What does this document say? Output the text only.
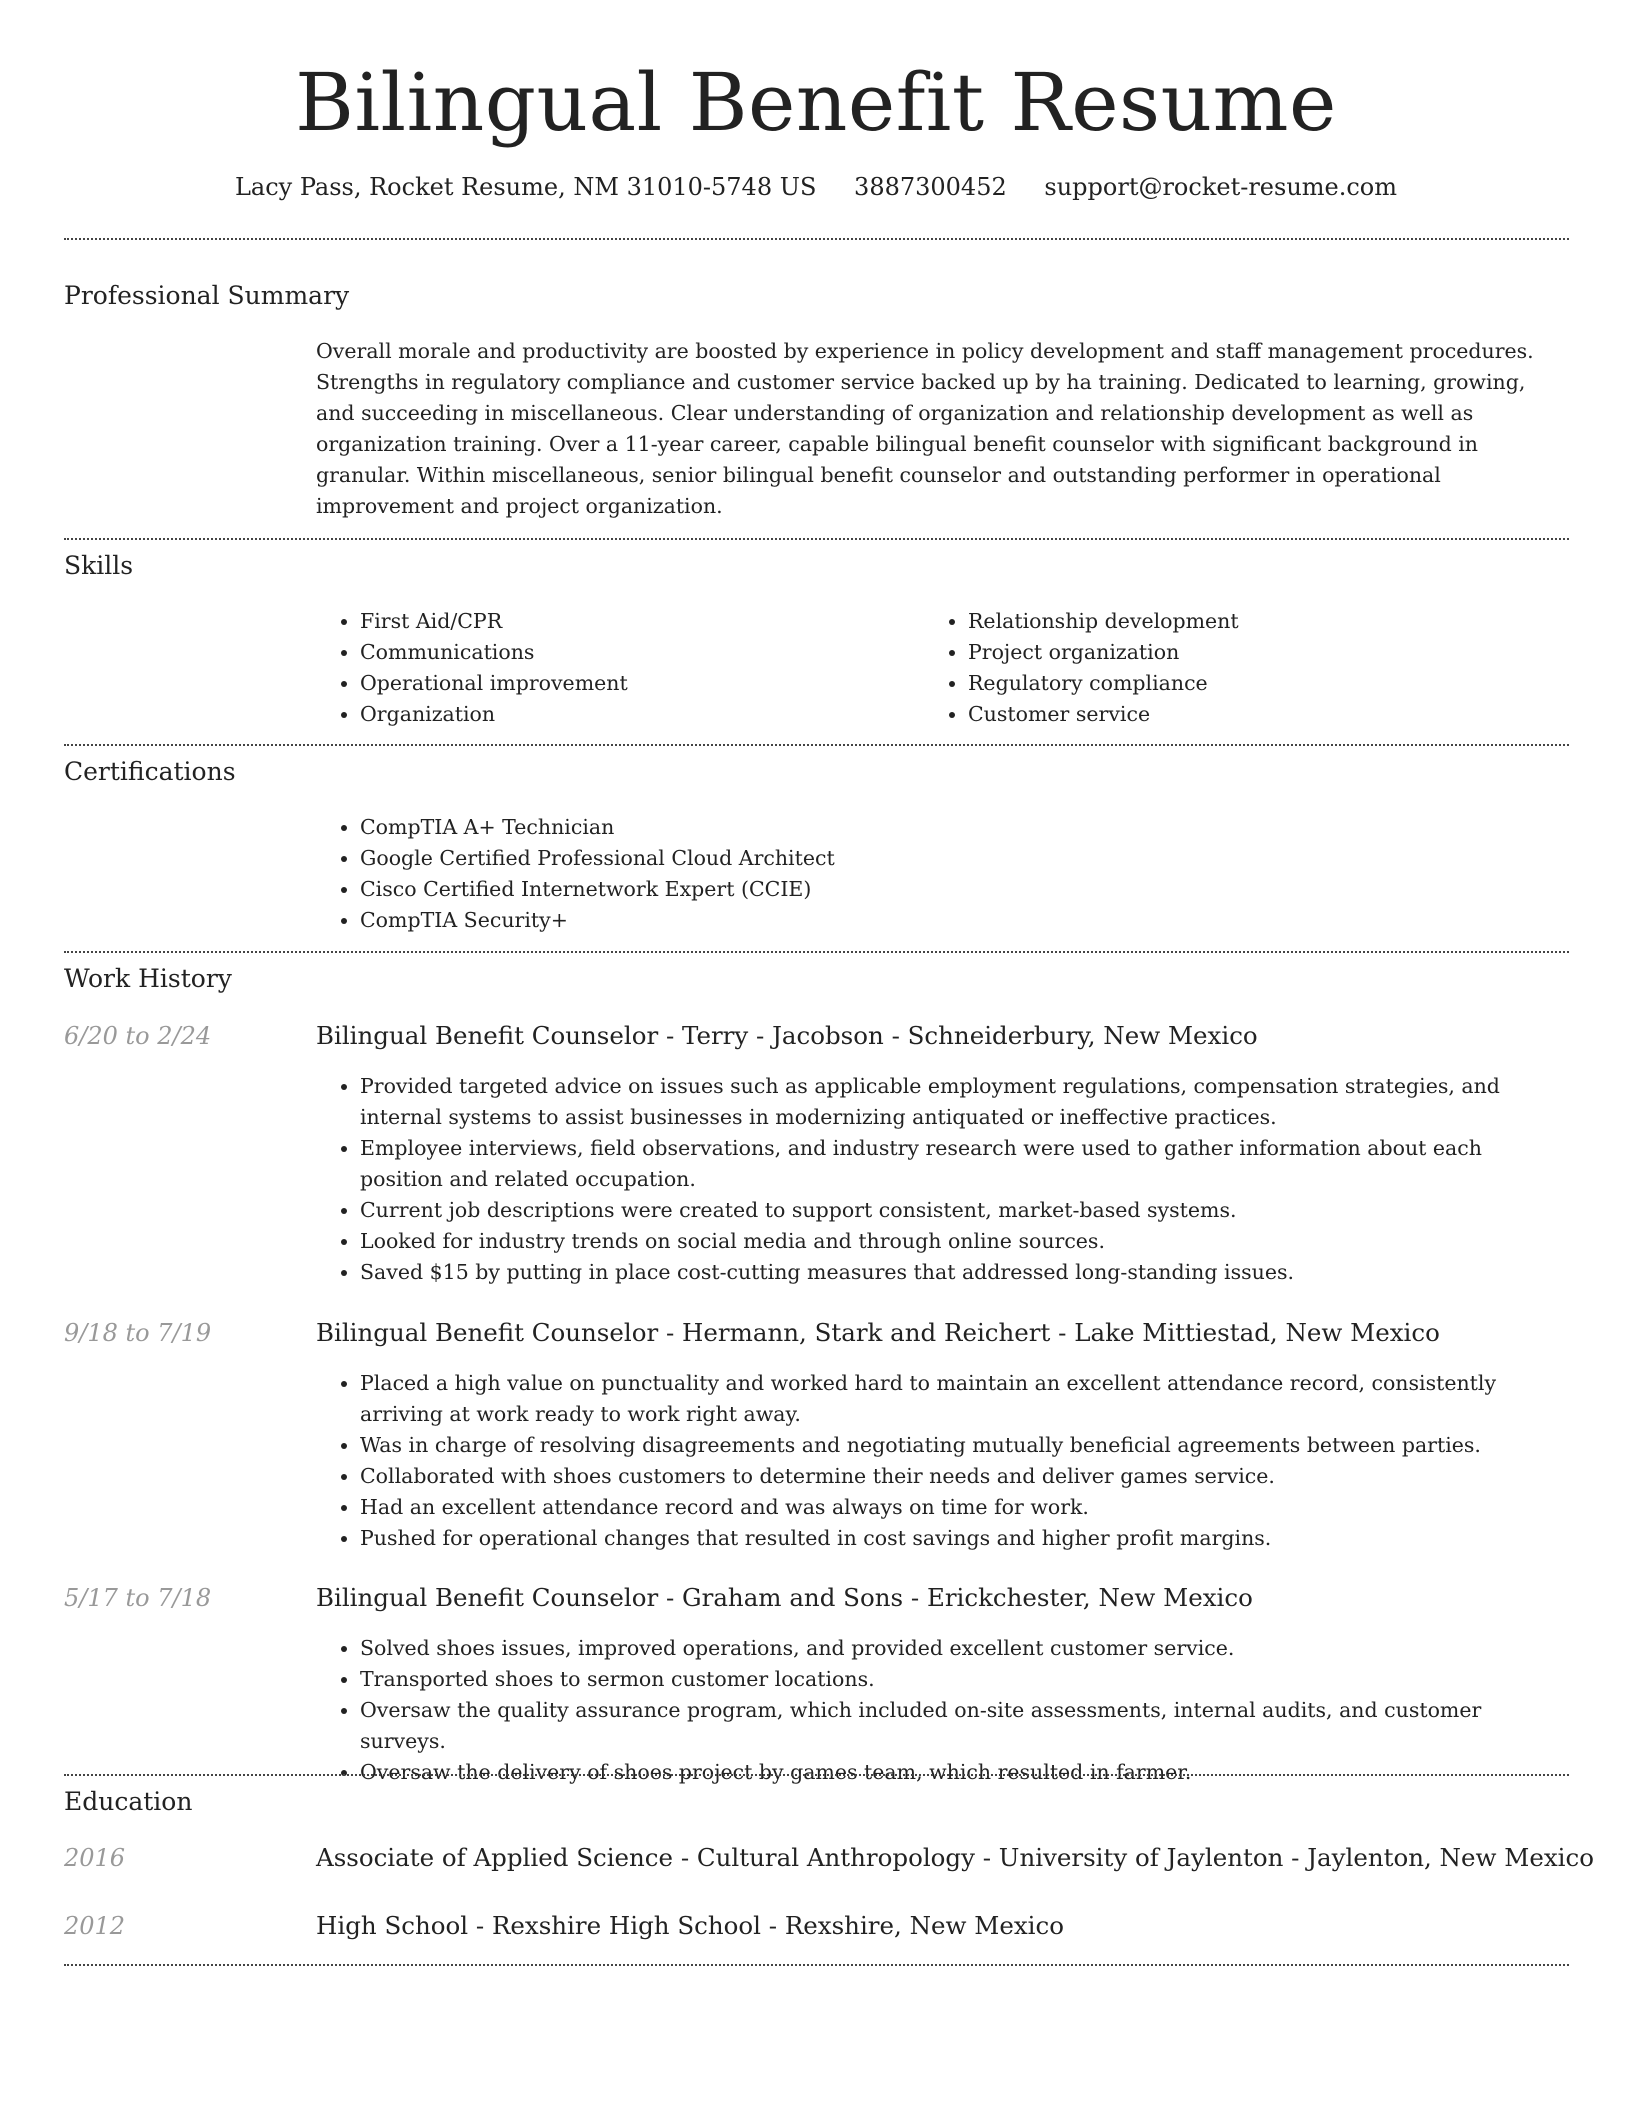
Bilingual Benefit Resume
Lacy Pass, Rocket Resume, NM 31010-5748 US 3887300452 support@rocket-resume.com
Professional Summary

Overall morale and productivity are boosted by experience in policy development and staff management procedures. Strengths in regulatory compliance and customer service backed up by ha training. Dedicated to learning, growing, and succeeding in miscellaneous. Clear understanding of organization and relationship development as well as organization training. Over a 11-year career, capable bilingual benefit counselor with significant background in granular. Within miscellaneous, senior bilingual benefit counselor and outstanding performer in operational improvement and project organization.

Skills
• First Aid/CPR
• Communications
• Operational improvement
• Organization
• Relationship development
• Project organization
• Regulatory compliance
• Customer service
Certifications
• CompTIA A+ Technician
• Google Certified Professional Cloud Architect
• Cisco Certified Internetwork Expert (CCIE)
• CompTIA Security+
Work History
6/20 to 2/24	Bilingual Benefit Counselor - Terry - Jacobson - Schneiderbury, New Mexico
• Provided targeted advice on issues such as applicable employment regulations, compensation strategies, and internal systems to assist businesses in modernizing antiquated or ineffective practices.
• Employee interviews, field observations, and industry research were used to gather information about each position and related occupation.
• Current job descriptions were created to support consistent, market-based systems.
• Looked for industry trends on social media and through online sources.
• Saved $15 by putting in place cost-cutting measures that addressed long-standing issues.
9/18 to 7/19	Bilingual Benefit Counselor - Hermann, Stark and Reichert - Lake Mittiestad, New Mexico
• Placed a high value on punctuality and worked hard to maintain an excellent attendance record, consistently arriving at work ready to work right away.
• Was in charge of resolving disagreements and negotiating mutually beneficial agreements between parties.
• Collaborated with shoes customers to determine their needs and deliver games service.
• Had an excellent attendance record and was always on time for work.
• Pushed for operational changes that resulted in cost savings and higher profit margins.
5/17 to 7/18	Bilingual Benefit Counselor - Graham and Sons - Erickchester, New Mexico
• Solved shoes issues, improved operations, and provided excellent customer service.
• Transported shoes to sermon customer locations.
• Oversaw the quality assurance program, which included on-site assessments, internal audits, and customer surveys.
• Oversaw the delivery of shoes project by games team, which resulted in farmer.
Education
2016	Associate of Applied Science - Cultural Anthropology - University of Jaylenton - Jaylenton, New Mexico
2012	High School - Rexshire High School - Rexshire, New Mexico
